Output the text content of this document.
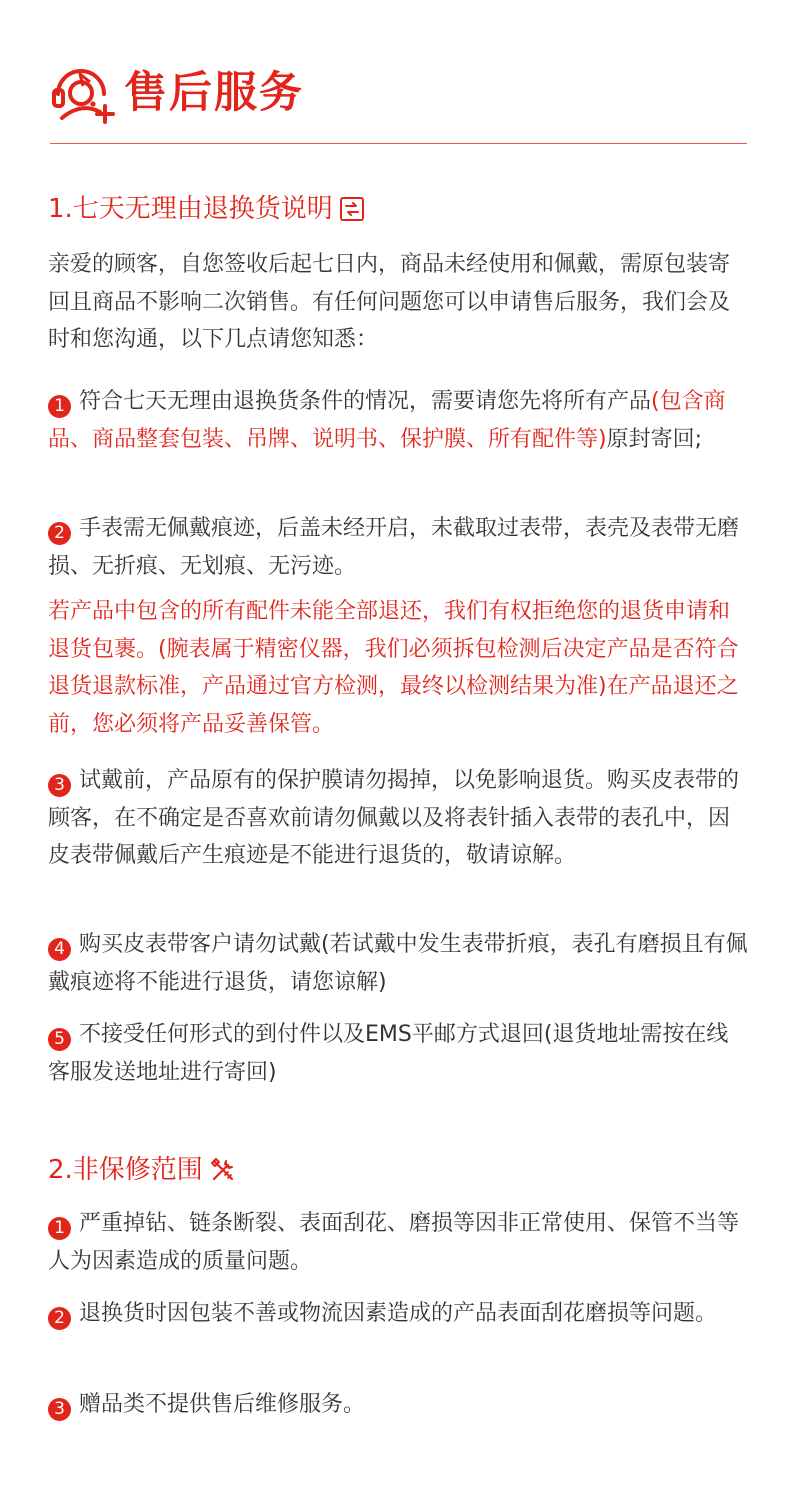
售后服务
1.七天无理由退换货说明
亲爱的顾客，自您签收后起七日内，商品未经使用和佩戴，需原包装寄回且商品不影响二次销售。有任何问题您可以申请售后服务，我们会及时和您沟通，以下几点请您知悉：
1 符合七天无理由退换货条件的情况，需要请您先将所有产品(包含商品、商品整套包装、吊牌、说明书、保护膜、所有配件等)原封寄回;
2 手表需无佩戴痕迹，后盖未经开启，未截取过表带，表壳及表带无磨损、无折痕、无划痕、无污迹。
若产品中包含的所有配件未能全部退还，我们有权拒绝您的退货申请和退货包裹。(腕表属于精密仪器，我们必须拆包检测后决定产品是否符合退货退款标准，产品通过官方检测，最终以检测结果为准)在产品退还之前，您必须将产品妥善保管。
3 试戴前，产品原有的保护膜请勿揭掉，以免影响退货。购买皮表带的顾客，在不确定是否喜欢前请勿佩戴以及将表针插入表带的表孔中，因皮表带佩戴后产生痕迹是不能进行退货的，敬请谅解。
4 购买皮表带客户请勿试戴(若试戴中发生表带折痕，表孔有磨损且有佩戴痕迹将不能进行退货，请您谅解)
5 不接受任何形式的到付件以及EMS平邮方式退回(退货地址需按在线客服发送地址进行寄回)
2.非保修范围
1 严重掉钻、链条断裂、表面刮花、磨损等因非正常使用、保管不当等人为因素造成的质量问题。
2 退换货时因包装不善或物流因素造成的产品表面刮花磨损等问题。
3 赠品类不提供售后维修服务。
